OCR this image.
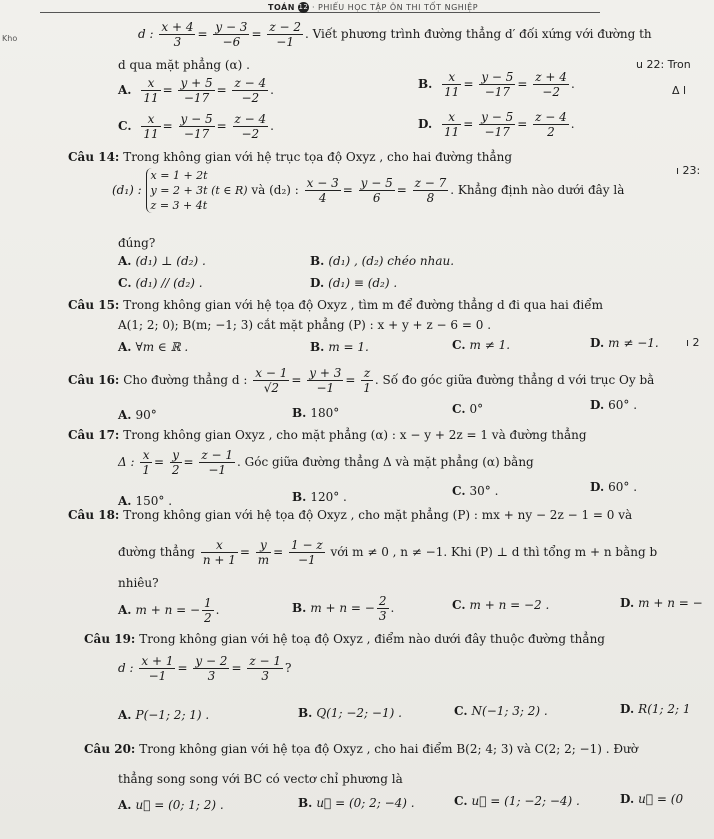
TOÁN 12 · PHIẾU HỌC TẬP ÔN THI TỐT NGHIỆP
Kho	d : $\frac{x + 4}{3} = \frac{y - 3}{-6} = \frac{z - 2}{-1}$ . Viết phương trình đường thẳng d′ đối xứng với đường th
d qua mặt phẳng (α) .	u 22: Tron
Δ l
A. $\frac{x}{11} = \frac{y + 5}{-17} = \frac{z - 4}{-2}$ .	B. $\frac{x}{11} = \frac{y - 5}{-17} = \frac{z + 4}{-2}$ .
C. $\frac{x}{11} = \frac{y - 5}{-17} = \frac{z - 4}{-2}$ .	D. $\frac{x}{11} = \frac{y - 5}{-17} = \frac{z - 4}{2}$ .
Câu 14: Trong không gian với hệ trục tọa độ Oxyz , cho hai đường thẳng
(d₁) :
x = 1 + 2t
y = 2 + 3t (t ∈ R)
z = 3 + 4t
và (d₂) : $\frac{x - 3}{4} = \frac{y - 5}{6} = \frac{z - 7}{8}$ . Khẳng định nào dưới đây là
ı 23:
đúng?
A. (d₁) ⊥ (d₂) .	B. (d₁) , (d₂) chéo nhau.
C. (d₁) // (d₂) .	D. (d₁) ≡ (d₂) .
Câu 15: Trong không gian với hệ tọa độ Oxyz , tìm m để đường thẳng d đi qua hai điểm
A(1; 2; 0); B(m; −1; 3) cắt mặt phẳng (P) : x + y + z − 6 = 0 .
A. ∀m ∈ ℝ .	B. m = 1.	C. m ≠ 1.	D. m ≠ −1. ı 2
Câu 16: Cho đường thẳng d : $\frac{x - 1}{√2} = \frac{y + 3}{-1} = \frac{z}{1}$ . Số đo góc giữa đường thẳng d với trục Oy bằ
A. 90°	B. 180°	C. 0°	D. 60° .
Câu 17: Trong không gian Oxyz , cho mặt phẳng (α) : x − y + 2z = 1 và đường thẳng
Δ : $\frac{x}{1} = \frac{y}{2} = \frac{z - 1}{-1}$ . Góc giữa đường thẳng Δ và mặt phẳng (α) bằng
A. 150° .	B. 120° .	C. 30° .	D. 60° .
Câu 18: Trong không gian với hệ tọa độ Oxyz , cho mặt phẳng (P) : mx + ny − 2z − 1 = 0 và
đường thẳng $\frac{x}{n + 1} = \frac{y}{m} = \frac{1 - z}{-1}$ với m ≠ 0 , n ≠ −1. Khi (P) ⊥ d thì tổng m + n bằng b
nhiêu?
A. m + n = − $\frac{1}{2}$ .	B. m + n = − $\frac{2}{3}$ .	C. m + n = −2 .	D. m + n = −
Câu 19: Trong không gian với hệ toạ độ Oxyz , điểm nào dưới đây thuộc đường thẳng
d : $\frac{x + 1}{-1} = \frac{y - 2}{3} = \frac{z - 1}{3}$ ?
A. P(−1; 2; 1) .	B. Q(1; −2; −1) .	C. N(−1; 3; 2) .	D. R(1; 2; 1
Câu 20: Trong không gian với hệ tọa độ Oxyz , cho hai điểm B(2; 4; 3) và C(2; 2; −1) . Đườ
thẳng song song với BC có vectơ chỉ phương là
A. u⃗ = (0; 1; 2) .	B. u⃗ = (0; 2; −4) .	C. u⃗ = (1; −2; −4) .	D. u⃗ = (0
